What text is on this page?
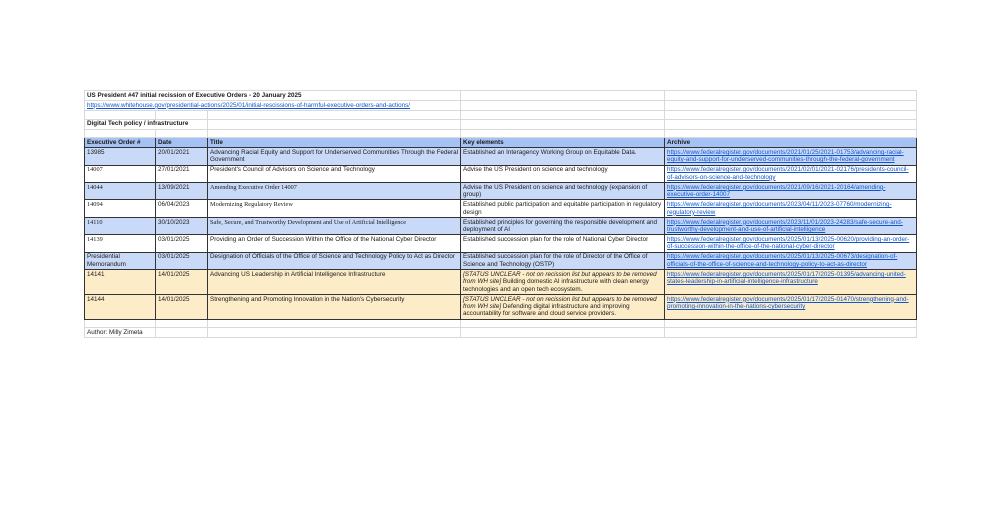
US President #47 initial recission of Executive Orders - 20 January 2025				
https://www.whitehouse.gov/presidential-actions/2025/01/initial-rescissions-of-harmful-executive-orders-and-actions/				

Digital Tech policy / infrastructure				

Executive Order #	Date	Title	Key elements	Archive
13985	20/01/2021	Advancing Racial Equity and Support for Underserved Communities Through the Federal Government	Established an Interagency Working Group on Equitable Data.	https://www.federalregister.gov/documents/2021/01/25/2021-01753/advancing-racial-equity-and-support-for-underserved-communities-through-the-federal-government
14007	27/01/2021	President's Council of Advisors on Science and Technology	Advise the US President on science and technology	https://www.federalregister.gov/documents/2021/02/01/2021-02176/presidents-council-of-advisors-on-science-and-technology
14044	13/09/2021	Amending Executive Order 14007	Advise the US President on science and technology (expansion of group)	https://www.federalregister.gov/documents/2021/09/16/2021-20164/amending-executive-order-14007
14094	06/04/2023	Modernizing Regulatory Review	Established public participation and equitable participation in regulatory design	https://www.federalregister.gov/documents/2023/04/11/2023-07760/modernizing-regulatory-review
14110	30/10/2023	Safe, Secure, and Trustworthy Development and Use of Artificial Intelligence	Established principles for governing the responsible development and deployment of AI	https://www.federalregister.gov/documents/2023/11/01/2023-24283/safe-secure-and-trustworthy-development-and-use-of-artificial-intelligence
14139	03/01/2025	Providing an Order of Succession Within the Office of the National Cyber Director	Established succession plan for the role of National Cyber Director	https://www.federalregister.gov/documents/2025/01/13/2025-00620/providing-an-order-of-succession-within-the-office-of-the-national-cyber-director
Presidential Memorandum	03/01/2025	Designation of Officials of the Office of Science and Technology Policy to Act as Director	Established succession plan for the role of Director of the Office of Science and Technology (OSTP)	https://www.federalregister.gov/documents/2025/01/13/2025-00673/designation-of-officials-of-the-office-of-science-and-technology-policy-to-act-as-director
14141	14/01/2025	Advancing US Leadership in Artificial Intelligence Infrastructure	[STATUS UNCLEAR - not on recission list but appears to be removed from WH site] Building domestic AI infrastructure with clean energy technologies and an open tech ecosystem.	https://www.federalregister.gov/documents/2025/01/17/2025-01395/advancing-united-states-leadership-in-artificial-intelligence-infrastructure
14144	14/01/2025	Strengthening and Promoting Innovation in the Nation's Cybersecurity	[STATUS UNCLEAR - not on recission list but appears to be removed from WH site] Defending digital infrastructure and improving accountability for software and cloud service providers.	https://www.federalregister.gov/documents/2025/01/17/2025-01470/strengthening-and-promoting-innovation-in-the-nations-cybersecurity

Author: Milly Zimeta				
